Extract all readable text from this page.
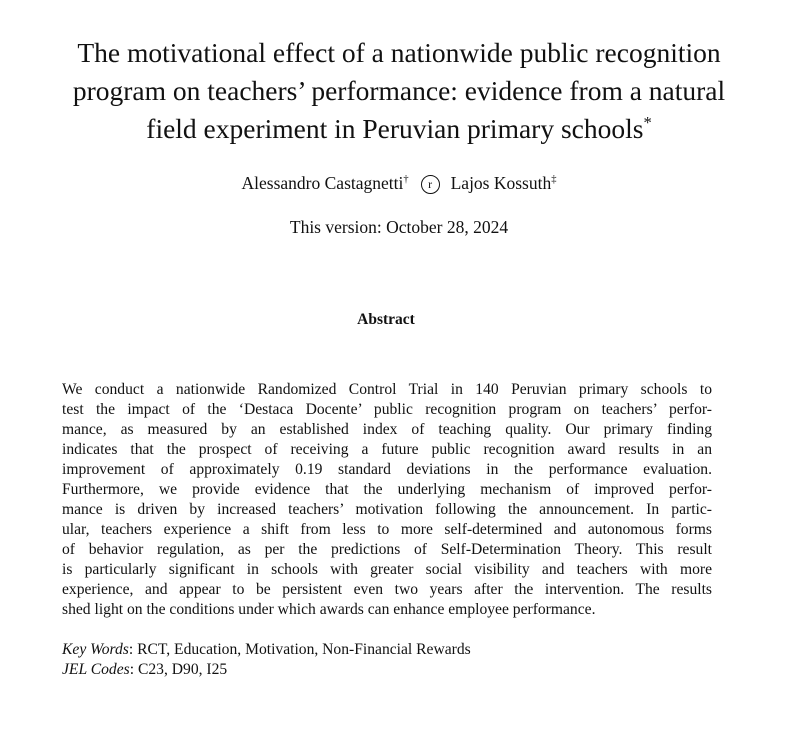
The motivational effect of a nationwide public recognition
program on teachers’ performance: evidence from a natural
field experiment in Peruvian primary schools*
Alessandro Castagnetti† r Lajos Kossuth‡
This version: October 28, 2024
Abstract

We conduct a nationwide Randomized Control Trial in 140 Peruvian primary schools to
test the impact of the ‘Destaca Docente’ public recognition program on teachers’ perfor-
mance, as measured by an established index of teaching quality. Our primary finding
indicates that the prospect of receiving a future public recognition award results in an
improvement of approximately 0.19 standard deviations in the performance evaluation.
Furthermore, we provide evidence that the underlying mechanism of improved perfor-
mance is driven by increased teachers’ motivation following the announcement. In partic-
ular, teachers experience a shift from less to more self-determined and autonomous forms
of behavior regulation, as per the predictions of Self-Determination Theory. This result
is particularly significant in schools with greater social visibility and teachers with more
experience, and appear to be persistent even two years after the intervention. The results
shed light on the conditions under which awards can enhance employee performance.

Key Words: RCT, Education, Motivation, Non-Financial Rewards
JEL Codes: C23, D90, I25
